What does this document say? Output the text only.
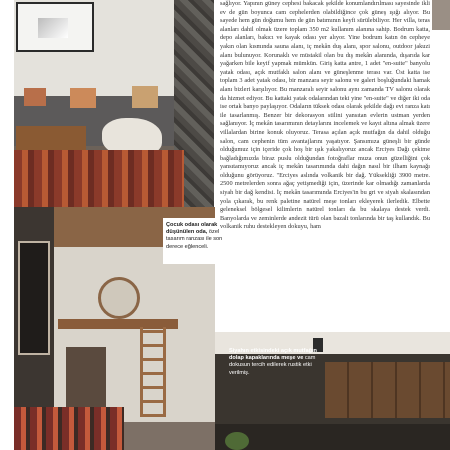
Çocuk odası olarak düşünülen oda, özel tasarım ranzası ile son derece eğlenceli.
Siyahın etkisindeki açık mutfağın dolap kapaklarında meşe ve cam dokusun tercih edilerek rustik etki verilmiş.

sağlıyor. Yapının güney cephesi bakacak şekilde konumlandırılması sayesinde ikli ev de gün boyunca cam cephelerden olabildiğince çok güneş ışığı alıyor. Bu sayede hem gün doğumu hem de gün batımının keyfi sürülebiliyor. Her villa, teras alanları dahil olmak üzere toplam 350 m2 kullanım alanına sahip. Bodrum katta, depo alanları, bakıcı ve kayak odası yer alıyor. Yine bodrum katın ön cepheye yakın olan kısmında sauna alanı, iç mekân duş alanı, spor salonu, outdoor jakuzi alanı bulunuyor. Korunaklı ve müstakil olan bu dış mekân alanında, dışarıda kar yağarken bile keyif yapmak mümkün. Giriş katta antre, 1 adet "en-suite" banyolu yatak odası, açık mutfaklı salon alanı ve güneşlenme terası var. Üst katta ise toplam 3 adet yatak odası, bir manzara seyir salonu ve galeri boşluğundaki hamak alanı bizleri karşılıyor. Bu manzaralı seyir salonu aynı zamanda TV salonu olarak da hizmet ediyor. Bu kattaki yatak odalarından teki yine "en-suite" ve diğer iki oda ise ortak banyo paylaşıyor. Odaların tüksek odası olarak şekilde dağı evi ranza katı ile tasarlanmış. Benzer bir dekorasyon stilini yansıtan evlerin ustman yerden sağlanıyor. İç mekân tasarımının detaylarını incelemek ve kayıt altına almak üzere villalardan birine konuk oluyoruz. Terasa açılan açık mutfağın da dahil olduğu salon, cam cephenin tüm avantajlarını yaşatıyor. Şansımıza güneşli bir günde olduğumuz için içeride çok hoş bir ışık yakalıyoruz ancak Erciyes Dağı çekime bağladığımızda biraz puslu olduğundan fotoğraflar muza onun güzelliğini çok yansıtamıyoruz ancak iç mekân tasarımında dahi dağın nasıl bir ilham kaynağı olduğunu görüyoruz. "Erciyes aslında volkanik bir dağ. Yüksekliği 3900 metre. 2500 metrelerden sonra ağaç yetişmediği için, üzerinde kar olmadığı zamanlarda siyah bir dağ kendisi. İç mekân tasarımında Erciyes'in bu gri ve siyah skalasından yola çıkarak, bu renk paletine natürel meşe tonları ekleyerek ilerledik. Elbette geleneksel bölgesel kilimlerin natürel tonları da bu skalaya destek verdi. Banyolarda ve zeminlerde andezit türü olan bazalt tonlarında bir taş kullandık. Bu volkanik ruhu destekleyen dokuyu, ham
